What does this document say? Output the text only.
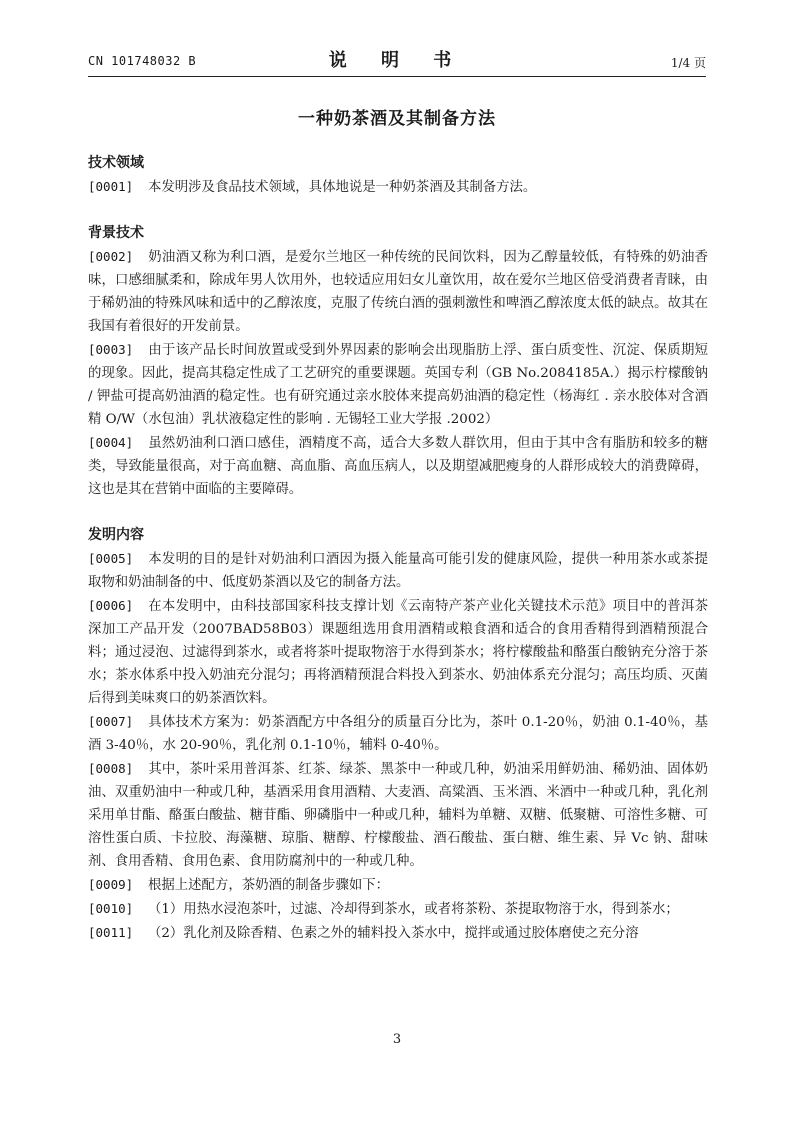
CN 101748032 B	说 明 书	1/4 页
一种奶茶酒及其制备方法
技术领域

[0001] 本发明涉及食品技术领域，具体地说是一种奶茶酒及其制备方法。

背景技术

[0002] 奶油酒又称为利口酒，是爱尔兰地区一种传统的民间饮料，因为乙醇量较低，有特殊的奶油香味，口感细腻柔和，除成年男人饮用外，也较适应用妇女儿童饮用，故在爱尔兰地区倍受消费者青睐，由于稀奶油的特殊风味和适中的乙醇浓度，克服了传统白酒的强刺激性和啤酒乙醇浓度太低的缺点。故其在我国有着很好的开发前景。

[0003] 由于该产品长时间放置或受到外界因素的影响会出现脂肪上浮、蛋白质变性、沉淀、保质期短的现象。因此，提高其稳定性成了工艺研究的重要课题。英国专利（GB No.2084185A.）揭示柠檬酸钠 / 钾盐可提高奶油酒的稳定性。也有研究通过亲水胶体来提高奶油酒的稳定性（杨海红 . 亲水胶体对含酒精 O/W（水包油）乳状液稳定性的影响 . 无锡轻工业大学报 .2002）

[0004] 虽然奶油利口酒口感佳，酒精度不高，适合大多数人群饮用，但由于其中含有脂肪和较多的糖类，导致能量很高，对于高血糖、高血脂、高血压病人，以及期望减肥瘦身的人群形成较大的消费障碍，这也是其在营销中面临的主要障碍。

发明内容

[0005] 本发明的目的是针对奶油利口酒因为摄入能量高可能引发的健康风险，提供一种用茶水或茶提取物和奶油制备的中、低度奶茶酒以及它的制备方法。

[0006] 在本发明中，由科技部国家科技支撑计划《云南特产茶产业化关键技术示范》项目中的普洱茶深加工产品开发（2007BAD58B03）课题组选用食用酒精或粮食酒和适合的食用香精得到酒精预混合料；通过浸泡、过滤得到茶水，或者将茶叶提取物溶于水得到茶水；将柠檬酸盐和酪蛋白酸钠充分溶于茶水；茶水体系中投入奶油充分混匀；再将酒精预混合料投入到茶水、奶油体系充分混匀；高压均质、灭菌后得到美味爽口的奶茶酒饮料。

[0007] 具体技术方案为：奶茶酒配方中各组分的质量百分比为，茶叶 0.1-20％，奶油 0.1-40％，基酒 3-40％，水 20-90％，乳化剂 0.1-10％，辅料 0-40％。

[0008] 其中，茶叶采用普洱茶、红茶、绿茶、黑茶中一种或几种，奶油采用鲜奶油、稀奶油、固体奶油、双重奶油中一种或几种，基酒采用食用酒精、大麦酒、高粱酒、玉米酒、米酒中一种或几种，乳化剂采用单甘酯、酪蛋白酸盐、糖苷酯、卵磷脂中一种或几种，辅料为单糖、双糖、低聚糖、可溶性多糖、可溶性蛋白质、卡拉胶、海藻糖、琼脂、糖醇、柠檬酸盐、酒石酸盐、蛋白糖、维生素、异 Vc 钠、甜味剂、食用香精、食用色素、食用防腐剂中的一种或几种。

[0009] 根据上述配方，茶奶酒的制备步骤如下：

[0010] （1）用热水浸泡茶叶，过滤、冷却得到茶水，或者将茶粉、茶提取物溶于水，得到茶水；

[0011] （2）乳化剂及除香精、色素之外的辅料投入茶水中，搅拌或通过胶体磨使之充分溶

3
